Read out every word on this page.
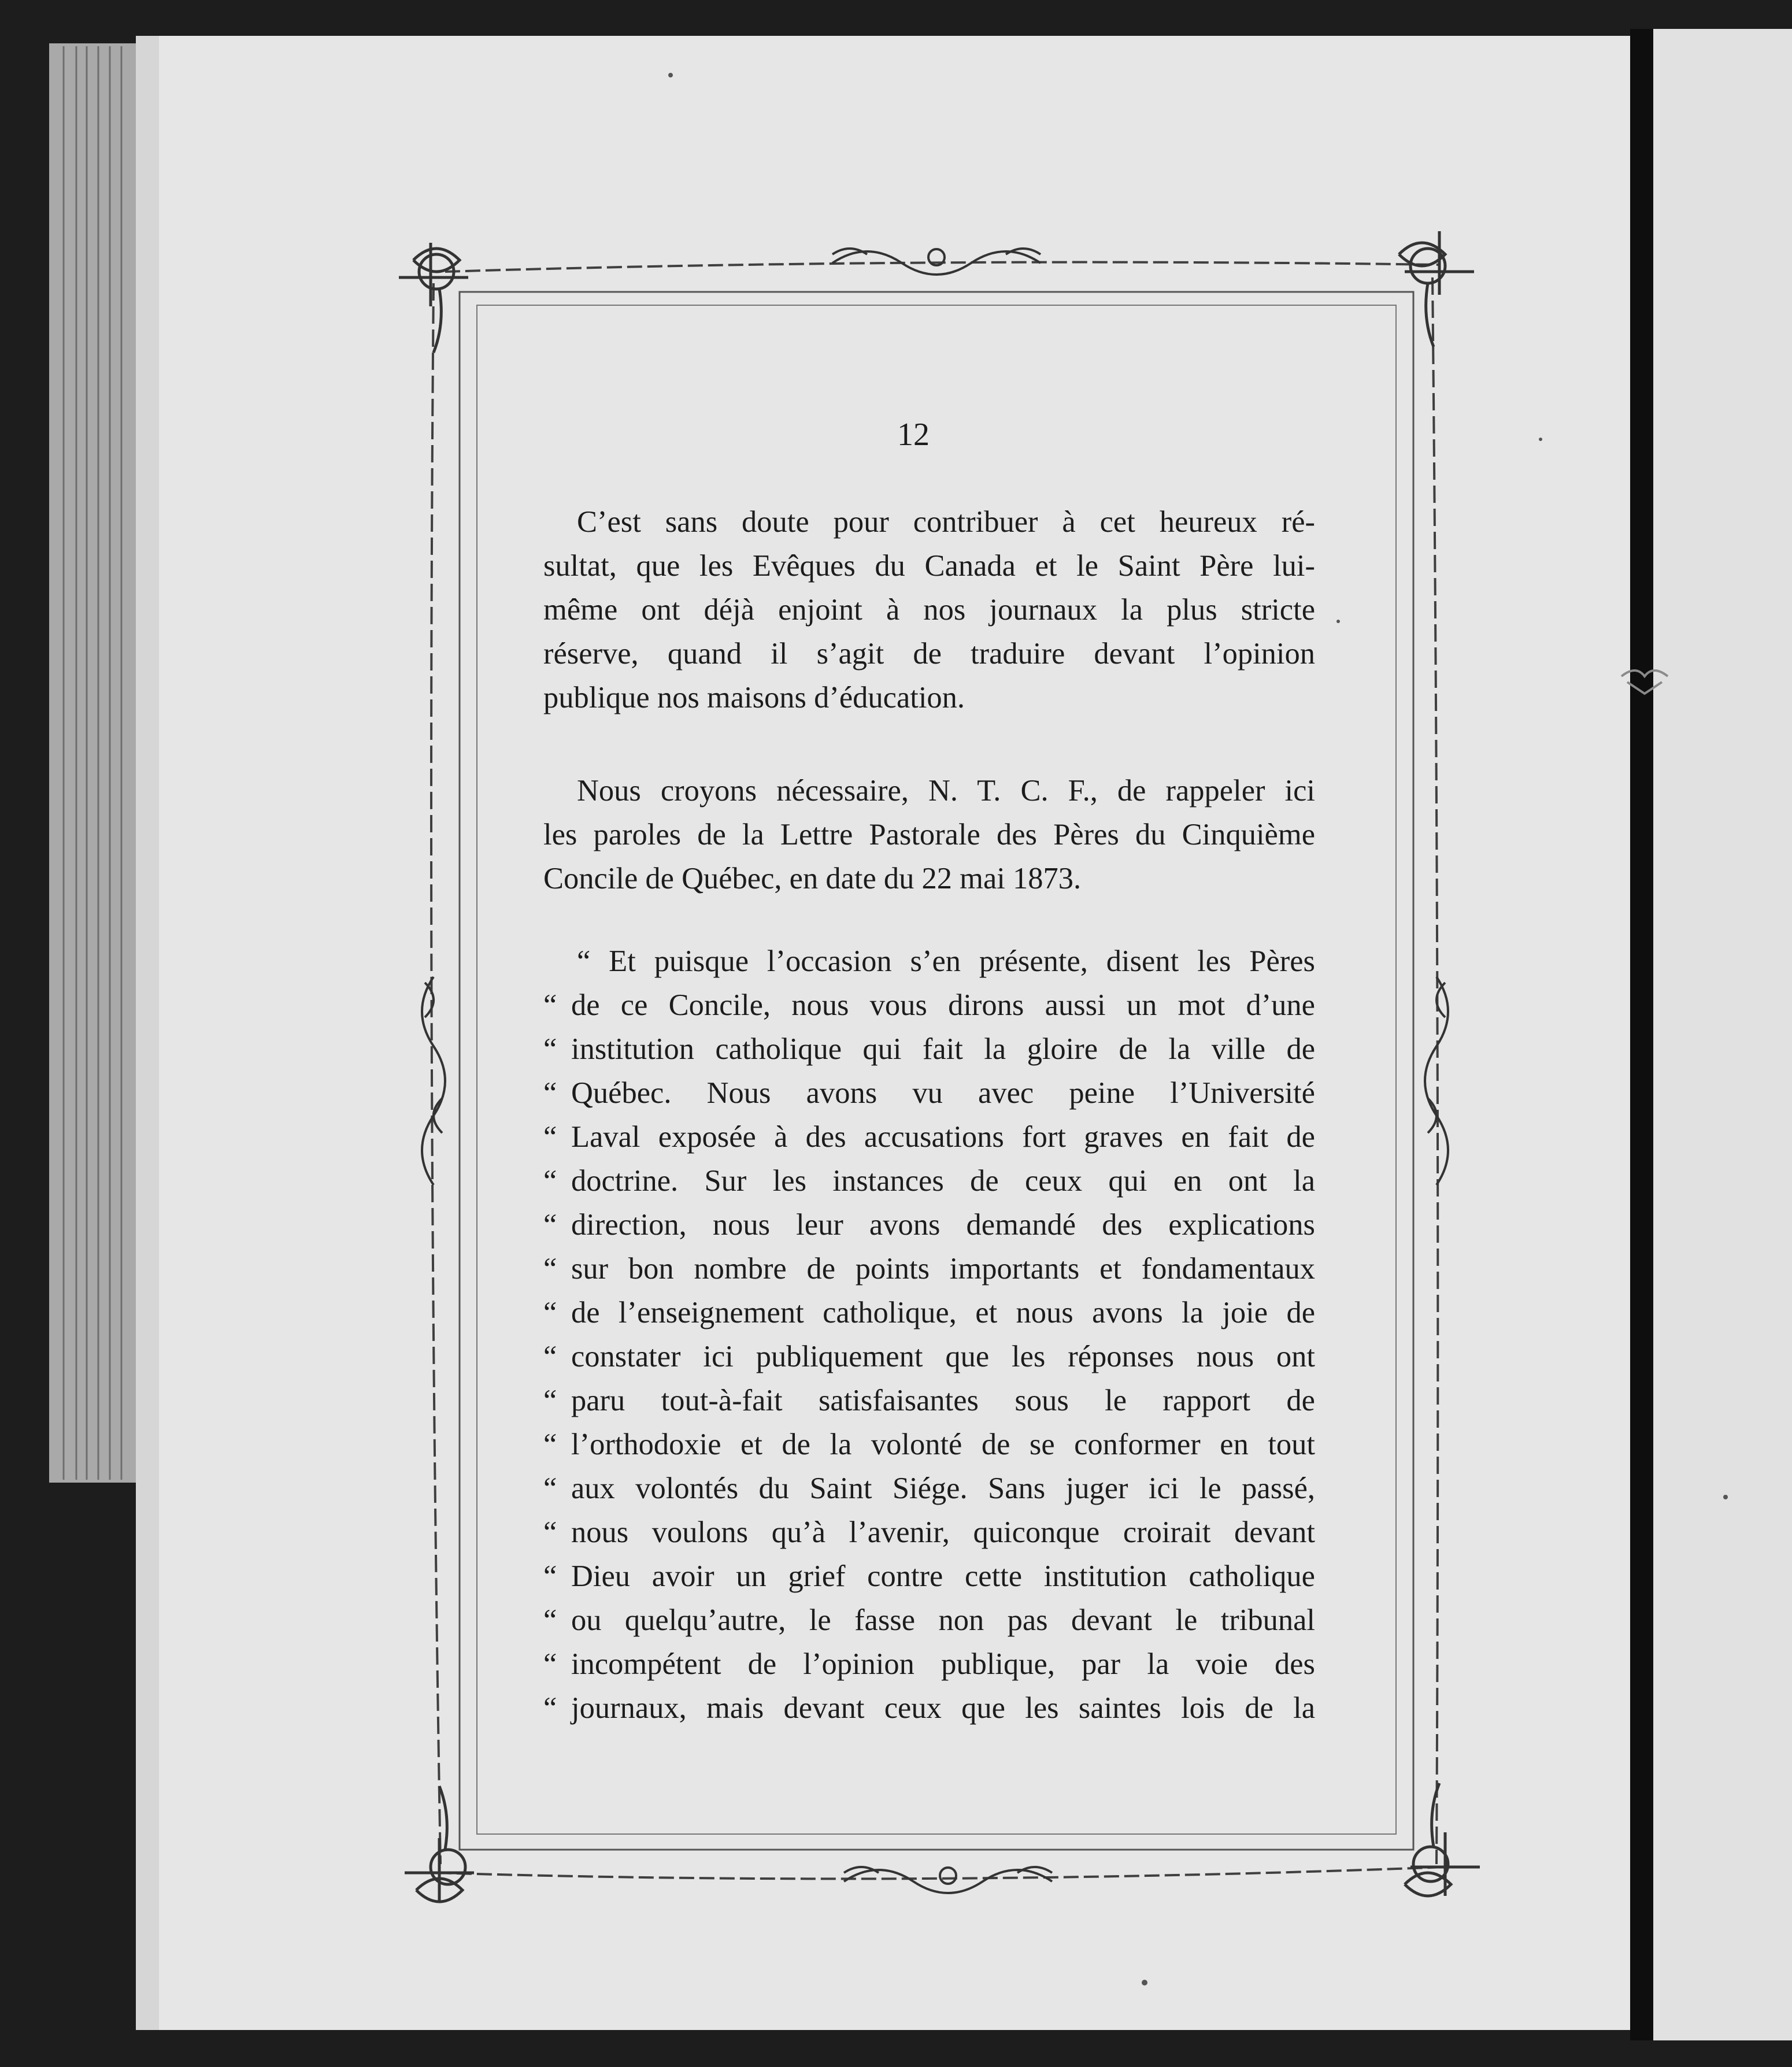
12
C’est sans doute pour contribuer à cet heureux ré-
sultat, que les Evêques du Canada et le Saint Père lui-
même ont déjà enjoint à nos journaux la plus stricte
réserve, quand il s’agit de traduire devant l’opinion
publique nos maisons d’éducation.
Nous croyons nécessaire, N. T. C. F., de rappeler ici
les paroles de la Lettre Pastorale des Pères du Cinquième
Concile de Québec, en date du 22 mai 1873.
“ Et puisque l’occasion s’en présente, disent les Pères
“ de ce Concile, nous vous dirons aussi un mot d’une
“ institution catholique qui fait la gloire de la ville de
“ Québec. Nous avons vu avec peine l’Université
“ Laval exposée à des accusations fort graves en fait de
“ doctrine. Sur les instances de ceux qui en ont la
“ direction, nous leur avons demandé des explications
“ sur bon nombre de points importants et fondamentaux
“ de l’enseignement catholique, et nous avons la joie de
“ constater ici publiquement que les réponses nous ont
“ paru tout-à-fait satisfaisantes sous le rapport de
“ l’orthodoxie et de la volonté de se conformer en tout
“ aux volontés du Saint Siége. Sans juger ici le passé,
“ nous voulons qu’à l’avenir, quiconque croirait devant
“ Dieu avoir un grief contre cette institution catholique
“ ou quelqu’autre, le fasse non pas devant le tribunal
“ incompétent de l’opinion publique, par la voie des
“ journaux, mais devant ceux que les saintes lois de la
